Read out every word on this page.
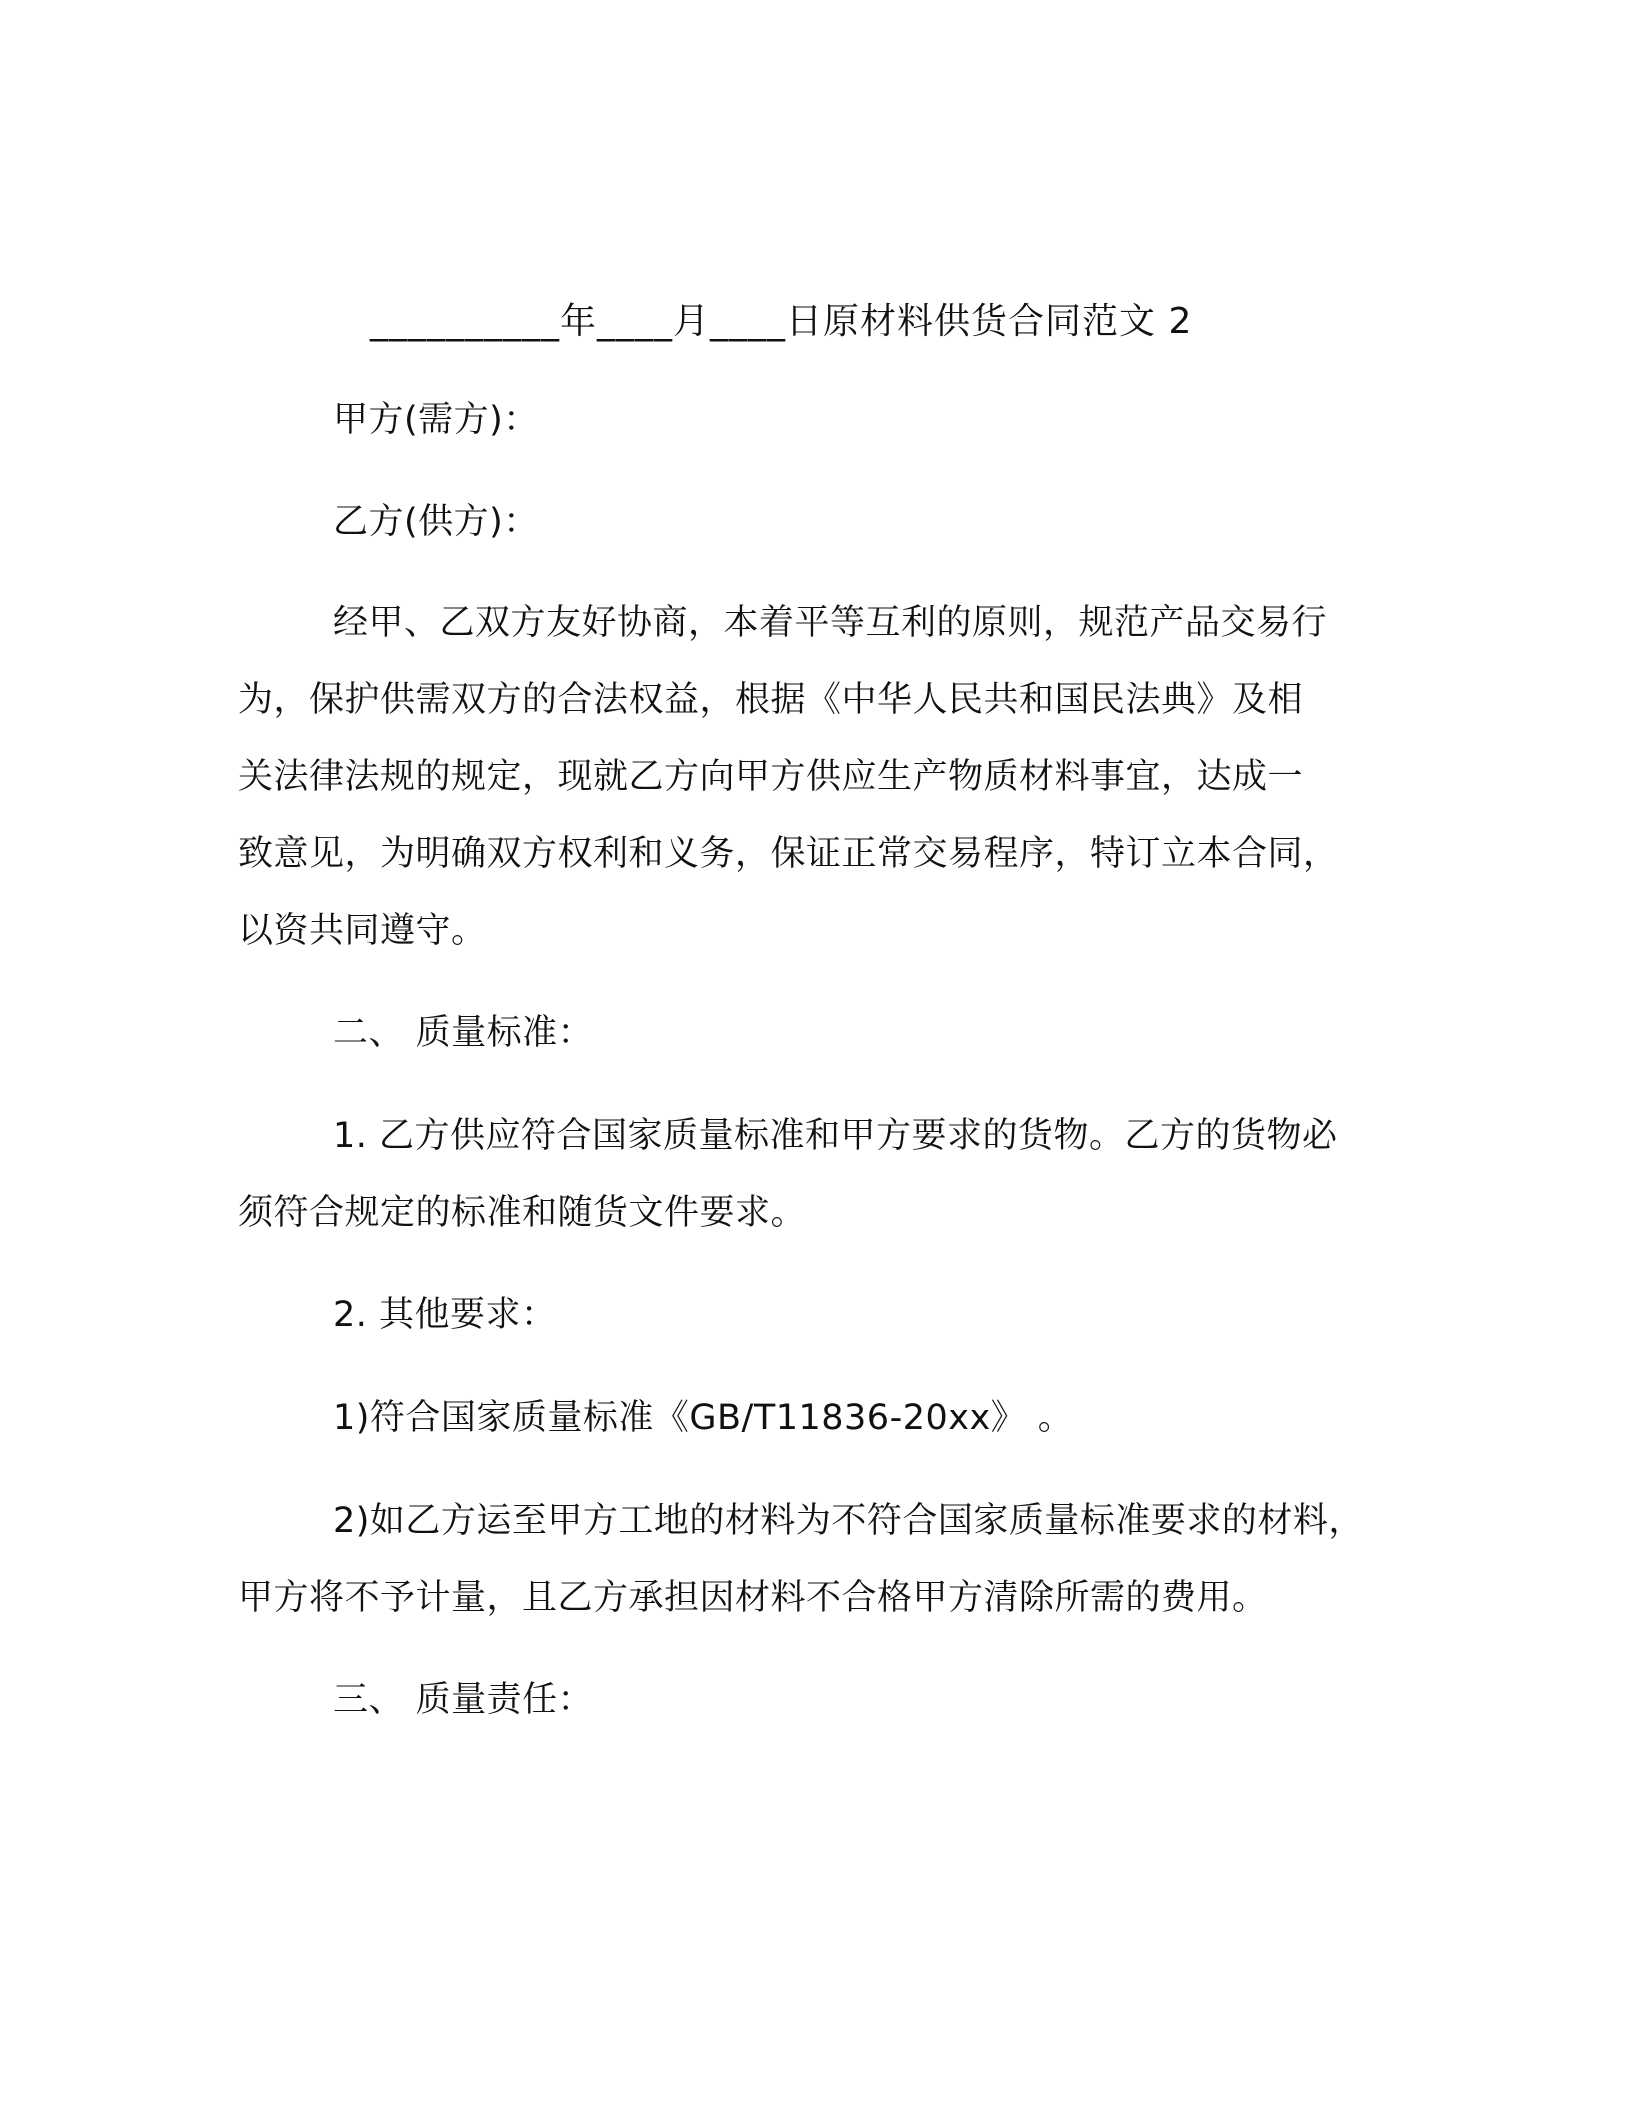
__________年____月____日原材料供货合同范文 2
甲方(需方)：
乙方(供方)：
经甲、乙双方友好协商，本着平等互利的原则，规范产品交易行
为，保护供需双方的合法权益，根据《中华人民共和国民法典》及相
关法律法规的规定，现就乙方向甲方供应生产物质材料事宜，达成一
致意见，为明确双方权利和义务，保证正常交易程序，特订立本合同，
以资共同遵守。
二、 质量标准：
1. 乙方供应符合国家质量标准和甲方要求的货物。乙方的货物必
须符合规定的标准和随货文件要求。
2. 其他要求：
1)符合国家质量标准《GB/T11836-20xx》 。
2)如乙方运至甲方工地的材料为不符合国家质量标准要求的材料，
甲方将不予计量，且乙方承担因材料不合格甲方清除所需的费用。
三、 质量责任：
